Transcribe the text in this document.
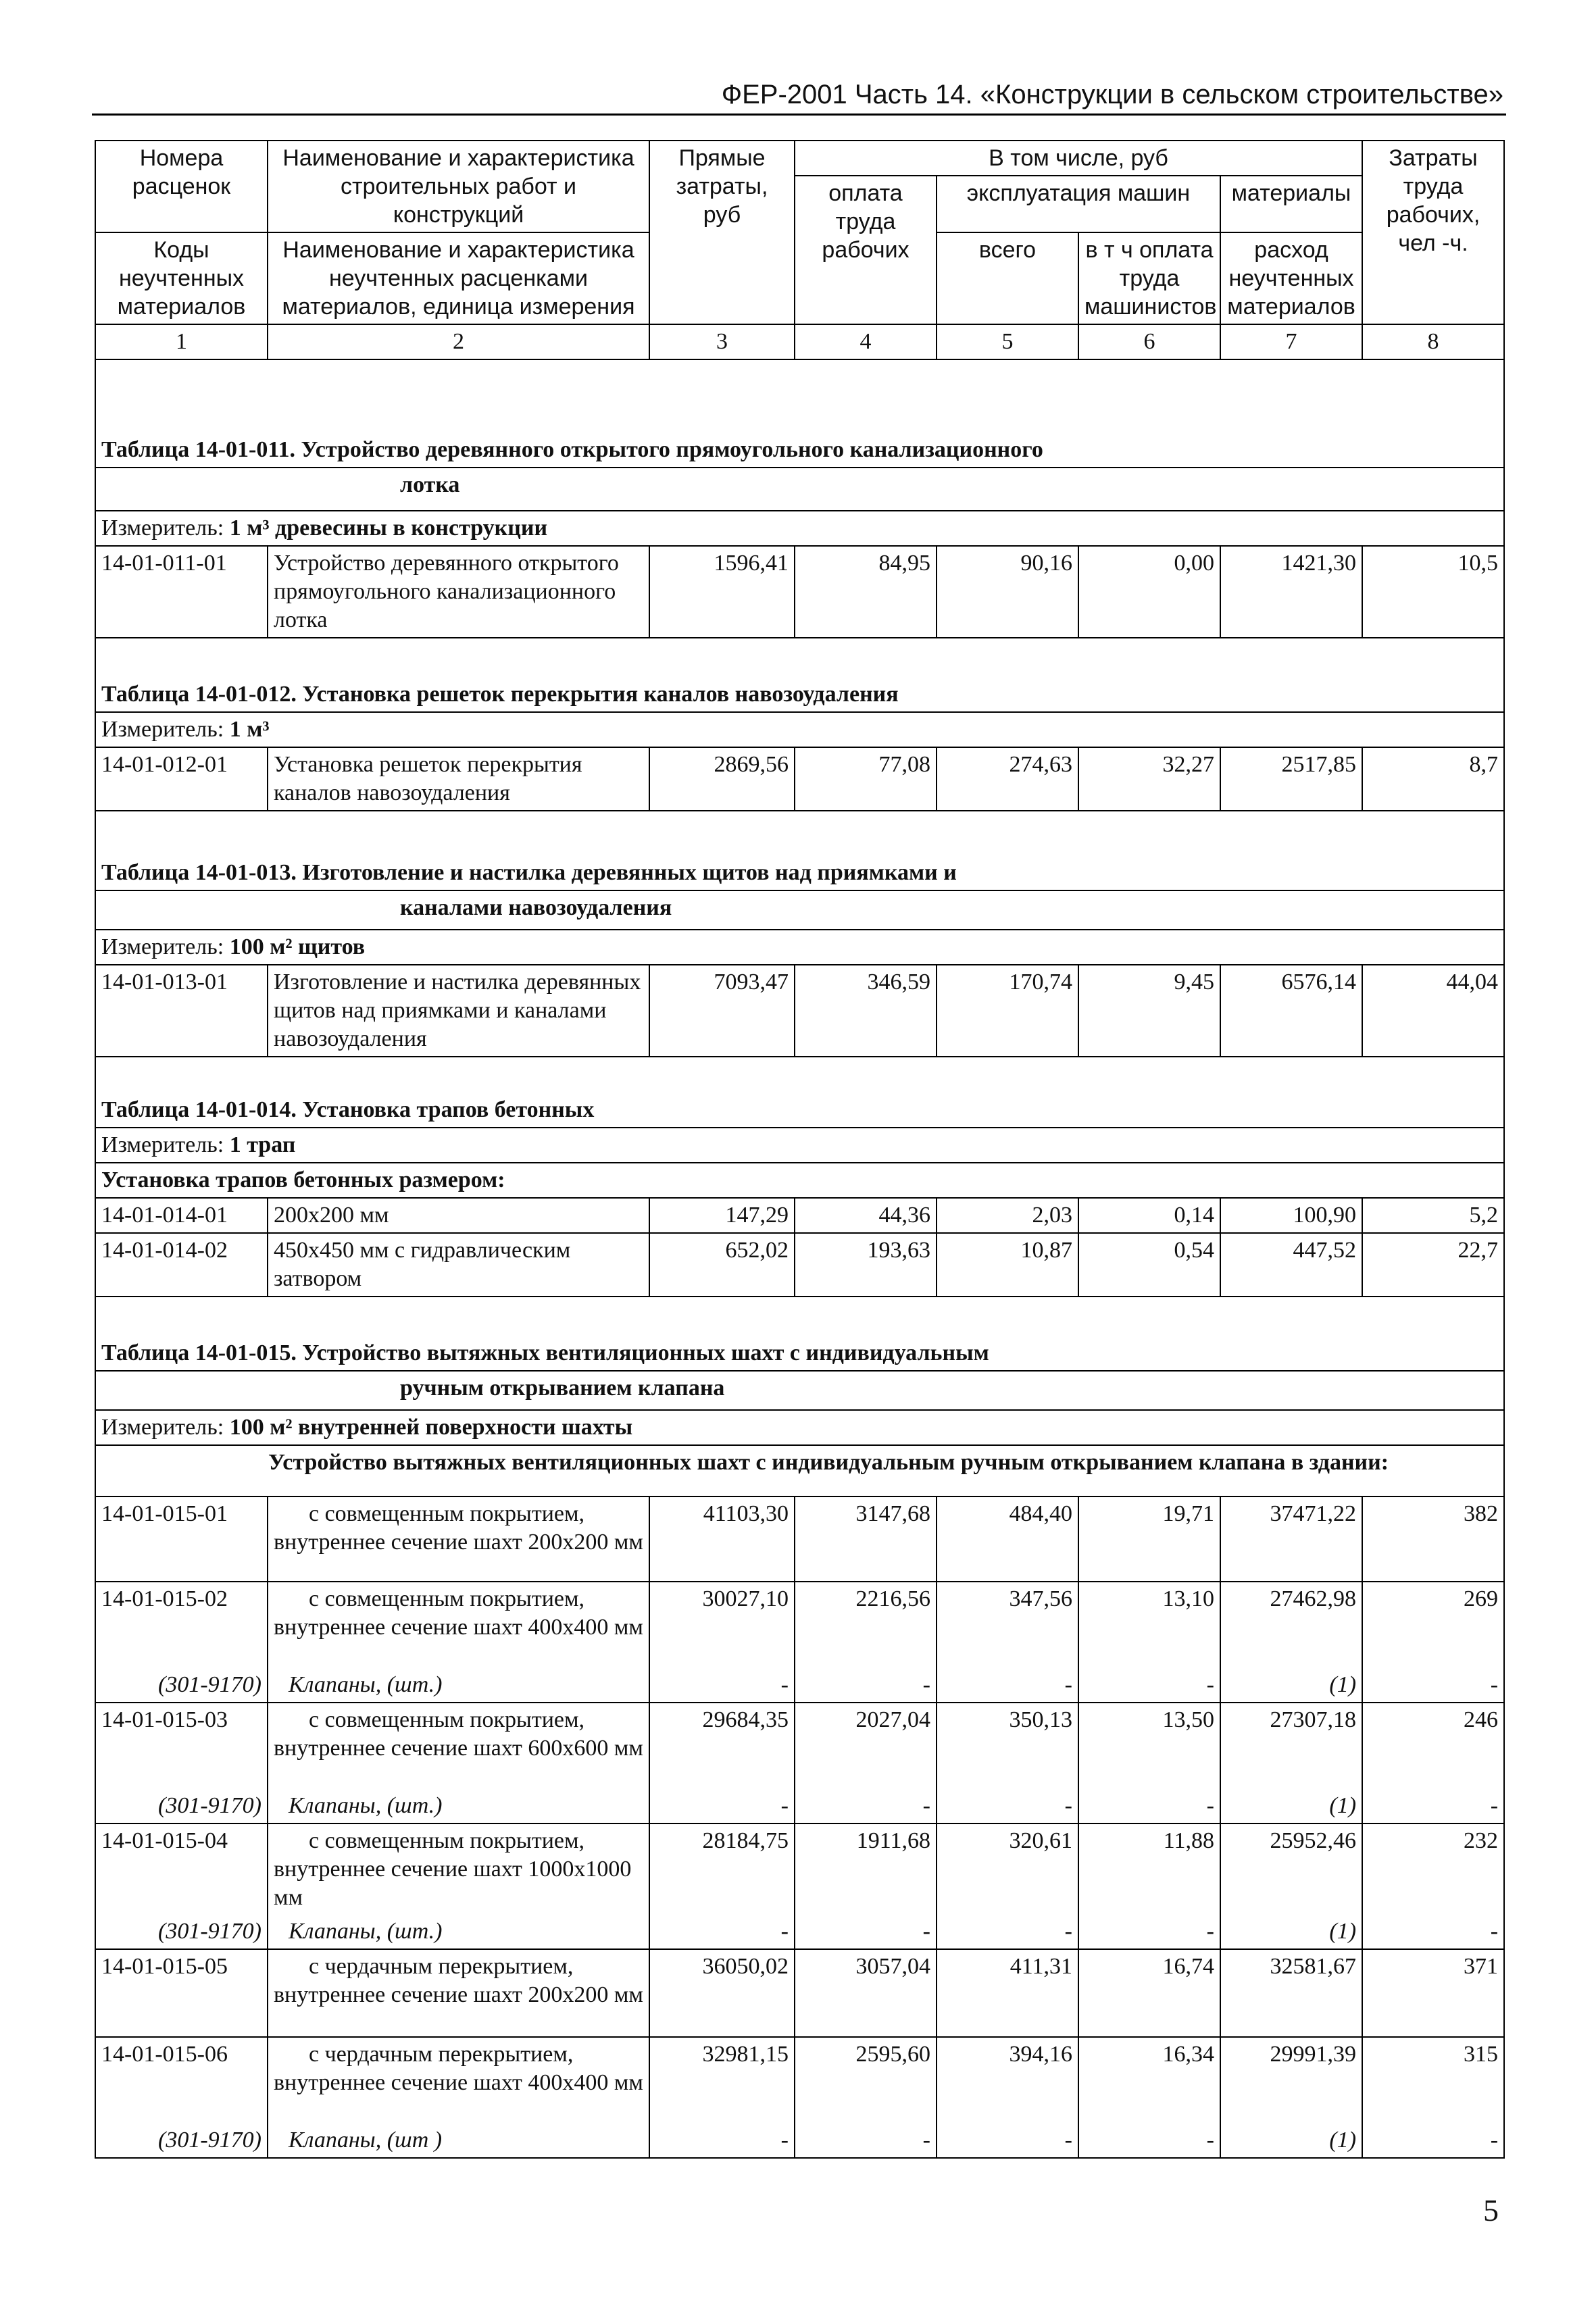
ФЕР-2001 Часть 14. «Конструкции в сельском строительстве»
Номера расценок	Наименование и характеристика строительных работ и конструкций	Прямые затраты, руб	В том числе, руб				Затраты труда рабочих, чел -ч.
			оплата труда рабочих	эксплуатация машин		материалы	
Коды неучтенных материалов	Наименование и характеристика неучтенных расценками материалов, единица измерения			всего	в т ч оплата труда машинистов	расход неучтенных материалов	

1	2	3	4	5	6	7	8
Таблица 14-01-011. Устройство деревянного открытого прямоугольного канализационного							
лотка							
Измеритель: 1 м³ древесины в конструкции							
14-01-011-01	Устройство деревянного открытого прямоугольного канализационного лотка	1596,41	84,95	90,16	0,00	1421,30	10,5
Таблица 14-01-012. Установка решеток перекрытия каналов навозоудаления							
Измеритель: 1 м³							
14-01-012-01	Установка решеток перекрытия каналов навозоудаления	2869,56	77,08	274,63	32,27	2517,85	8,7
Таблица 14-01-013. Изготовление и настилка деревянных щитов над приямками и							
каналами навозоудаления							
Измеритель: 100 м² щитов							
14-01-013-01	Изготовление и настилка деревянных щитов над приямками и каналами навозоудаления	7093,47	346,59	170,74	9,45	6576,14	44,04
Таблица 14-01-014. Установка трапов бетонных							
Измеритель: 1 трап							
Установка трапов бетонных размером:							
14-01-014-01	200х200 мм	147,29	44,36	2,03	0,14	100,90	5,2
14-01-014-02	450х450 мм с гидравлическим затвором	652,02	193,63	10,87	0,54	447,52	22,7
Таблица 14-01-015. Устройство вытяжных вентиляционных шахт с индивидуальным							
ручным открыванием клапана							
Измеритель: 100 м² внутренней поверхности шахты							
Устройство вытяжных вентиляционных шахт с индивидуальным ручным открыванием клапана в здании:							
14-01-015-01	с совмещенным покрытием, внутреннее сечение шахт 200х200 мм	41103,30	3147,68	484,40	19,71	37471,22	382
14-01-015-02	с совмещенным покрытием, внутреннее сечение шахт 400х400 мм	30027,10	2216,56	347,56	13,10	27462,98	269
(301-9170)	Клапаны, (шт.)	-	-	-	-	(1)	-
14-01-015-03	с совмещенным покрытием, внутреннее сечение шахт 600х600 мм	29684,35	2027,04	350,13	13,50	27307,18	246
(301-9170)	Клапаны, (шт.)	-	-	-	-	(1)	-
14-01-015-04	с совмещенным покрытием, внутреннее сечение шахт 1000х1000 мм	28184,75	1911,68	320,61	11,88	25952,46	232
(301-9170)	Клапаны, (шт.)	-	-	-	-	(1)	-
14-01-015-05	с чердачным перекрытием, внутреннее сечение шахт 200х200 мм	36050,02	3057,04	411,31	16,74	32581,67	371
14-01-015-06	с чердачным перекрытием, внутреннее сечение шахт 400х400 мм	32981,15	2595,60	394,16	16,34	29991,39	315
(301-9170)	Клапаны, (шт )	-	-	-	-	(1)	-
5
